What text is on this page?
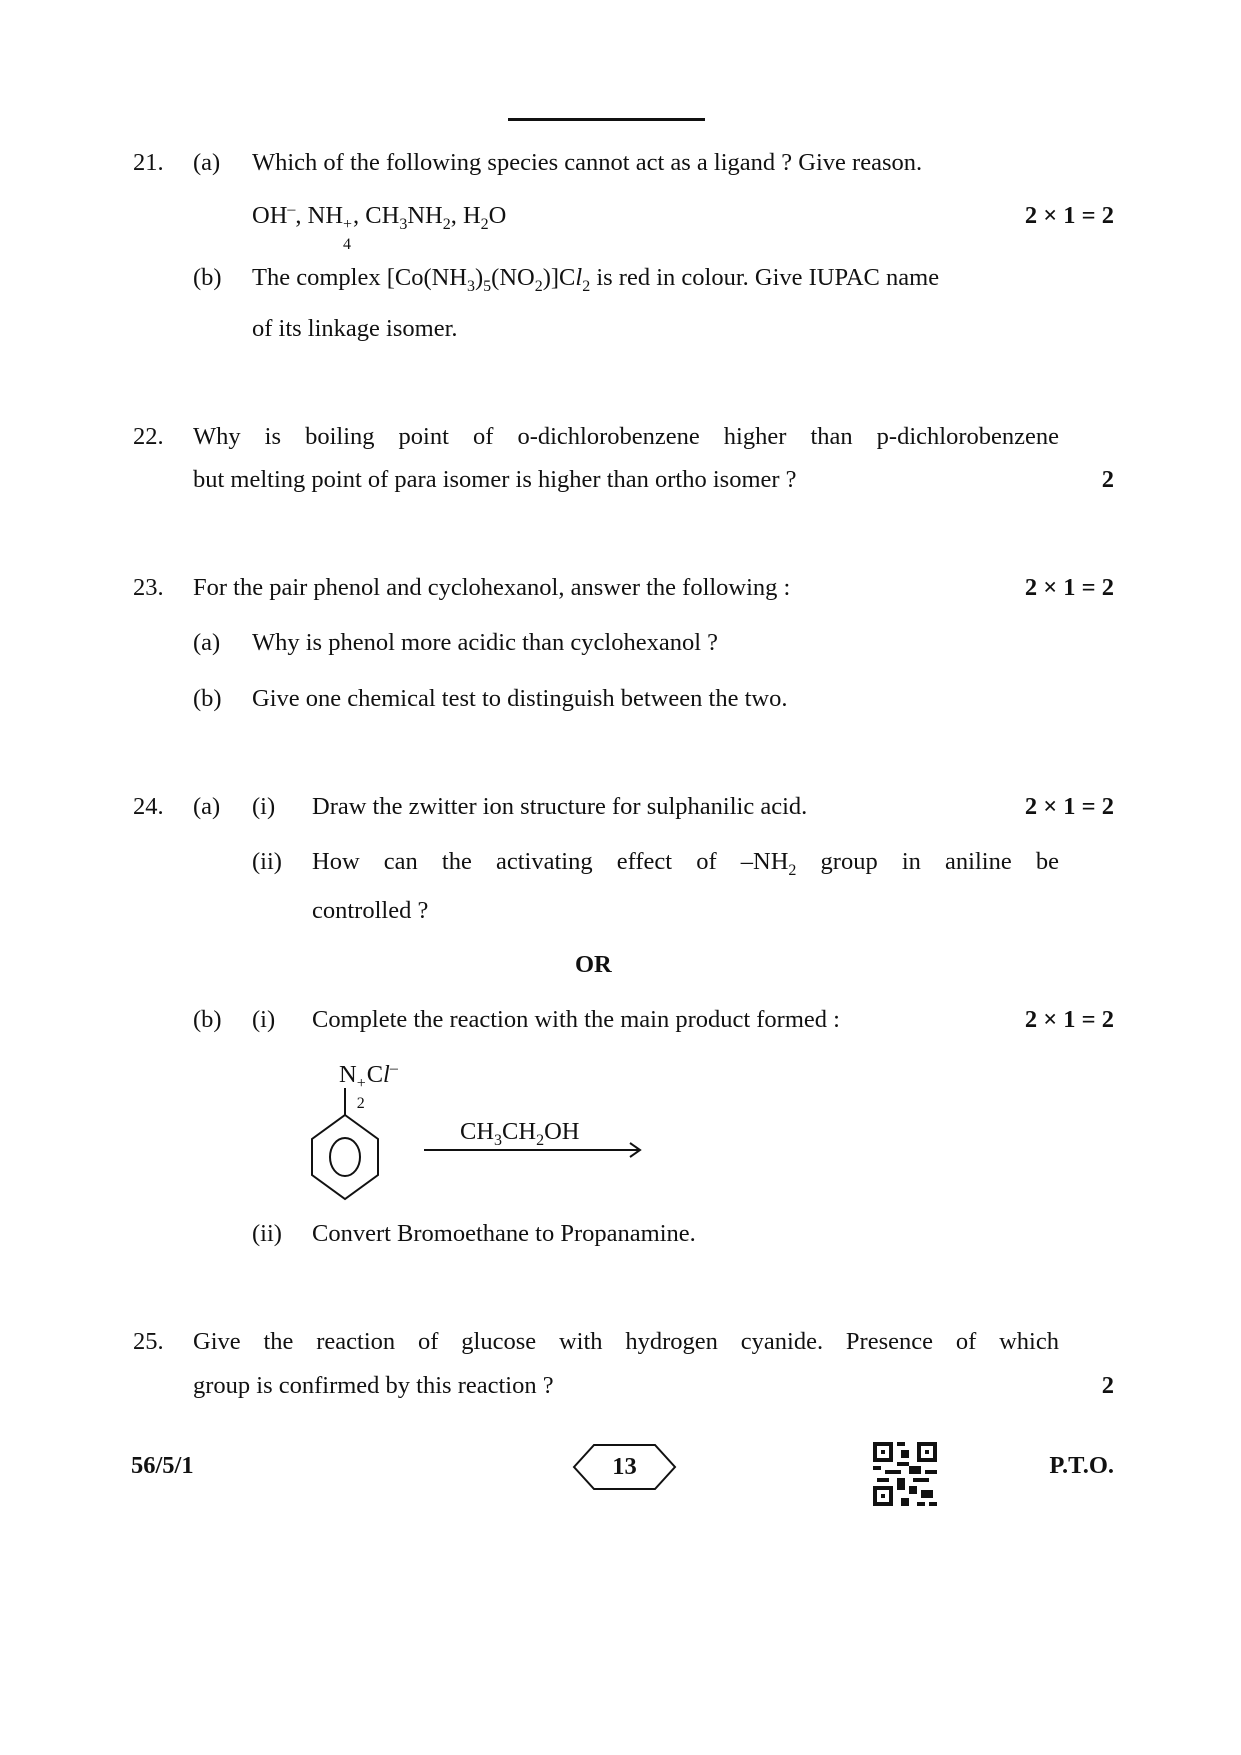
21. (a) Which of the following species cannot act as a ligand ? Give reason.
OH–, NH +
4
, $CH_3NH_2$, $H_2O$	2 × 1 = 2
(b) The complex $[Co(NH_3)_5(NO_2)]Cl_2$ is red in colour. Give IUPAC name
of its linkage isomer.
22. Why is boiling point of o-dichlorobenzene higher than p-dichlorobenzene
but melting point of para isomer is higher than ortho isomer ?	2
23. For the pair phenol and cyclohexanol, answer the following :	2 × 1 = 2
(a) Why is phenol more acidic than cyclohexanol ?
(b) Give one chemical test to distinguish between the two.
24. (a) (i) Draw the zwitter ion structure for sulphanilic acid.	2 × 1 = 2
(ii) How can the activating effect of $-NH_2$ group in aniline be
controlled ?
OR
(b) (i) Complete the reaction with the main product formed :	2 × 1 = 2
N +
2
Cl–
$CH_3CH_2OH$
(ii) Convert Bromoethane to Propanamine.
25. Give the reaction of glucose with hydrogen cyanide. Presence of which
group is confirmed by this reaction ?	2
56/5/1	13	P.T.O.
